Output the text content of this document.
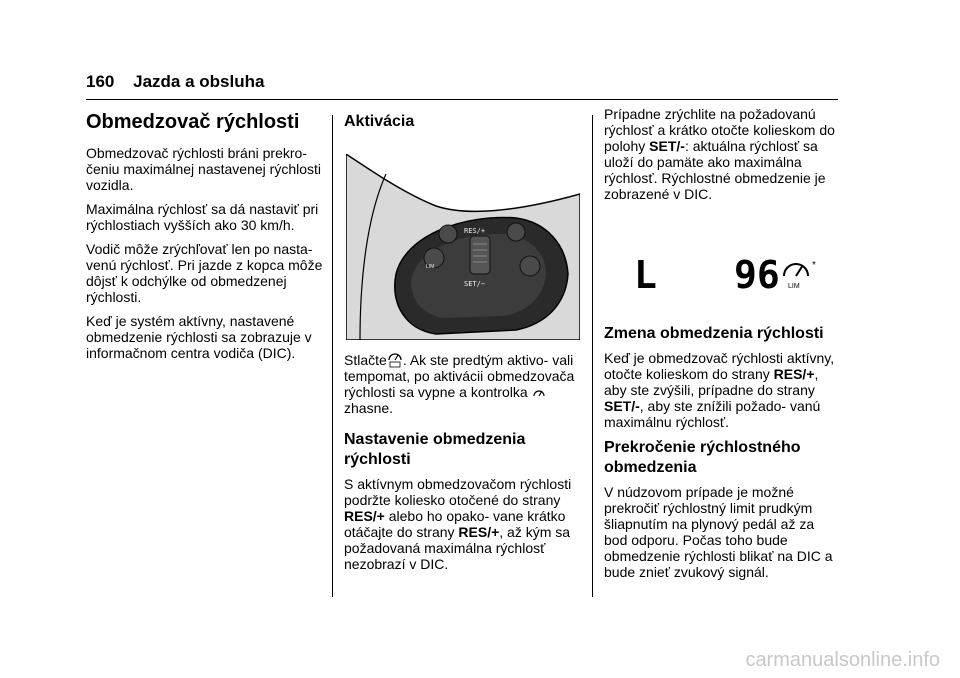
160 Jazda a obsluha
Obmedzovač rýchlosti

Obmedzovač rýchlosti bráni prekro- čeniu maximálnej nastavenej rýchlosti vozidla.

Maximálna rýchlosť sa dá nastaviť pri rýchlostiach vyšších ako 30 km/h.

Vodič môže zrýchľovať len po nasta- venú rýchlosť. Pri jazde z kopca môže dôjsť k odchýlke od obmedzenej rýchlosti.

Keď je systém aktívny, nastavené obmedzenie rýchlosti sa zobrazuje v informačnom centra vodiča (DIC).

Aktivácia
RES/+
SET/−
LIM

Stlačte . Ak ste predtým aktivo- vali tempomat, po aktivácii obmedzovača rýchlosti sa vypne a kontrolka  zhasne.

Nastavenie obmedzenia rýchlosti

S aktívnym obmedzovačom rýchlosti podržte koliesko otočené do strany RES/+ alebo ho opako- vane krátko otáčajte do strany RES/+, až kým sa požadovaná maximálna rýchlosť nezobrazí v DIC.

Prípadne zrýchlite na požadovanú rýchlosť a krátko otočte kolieskom do polohy SET/-: aktuálna rýchlosť sa uloží do pamäte ako maximálna rýchlosť. Rýchlostné obmedzenie je zobrazené v DIC.

L 96	*
LIM
Zmena obmedzenia rýchlosti

Keď je obmedzovač rýchlosti aktívny, otočte kolieskom do strany RES/+, aby ste zvýšili, prípadne do strany SET/-, aby ste znížili požado- vanú maximálnu rýchlosť.

Prekročenie rýchlostného obmedzenia

V núdzovom prípade je možné prekročiť rýchlostný limit prudkým šliapnutím na plynový pedál až za bod odporu. Počas toho bude obmedzenie rýchlosti blikať na DIC a bude znieť zvukový signál.

carmanualsonline.info
